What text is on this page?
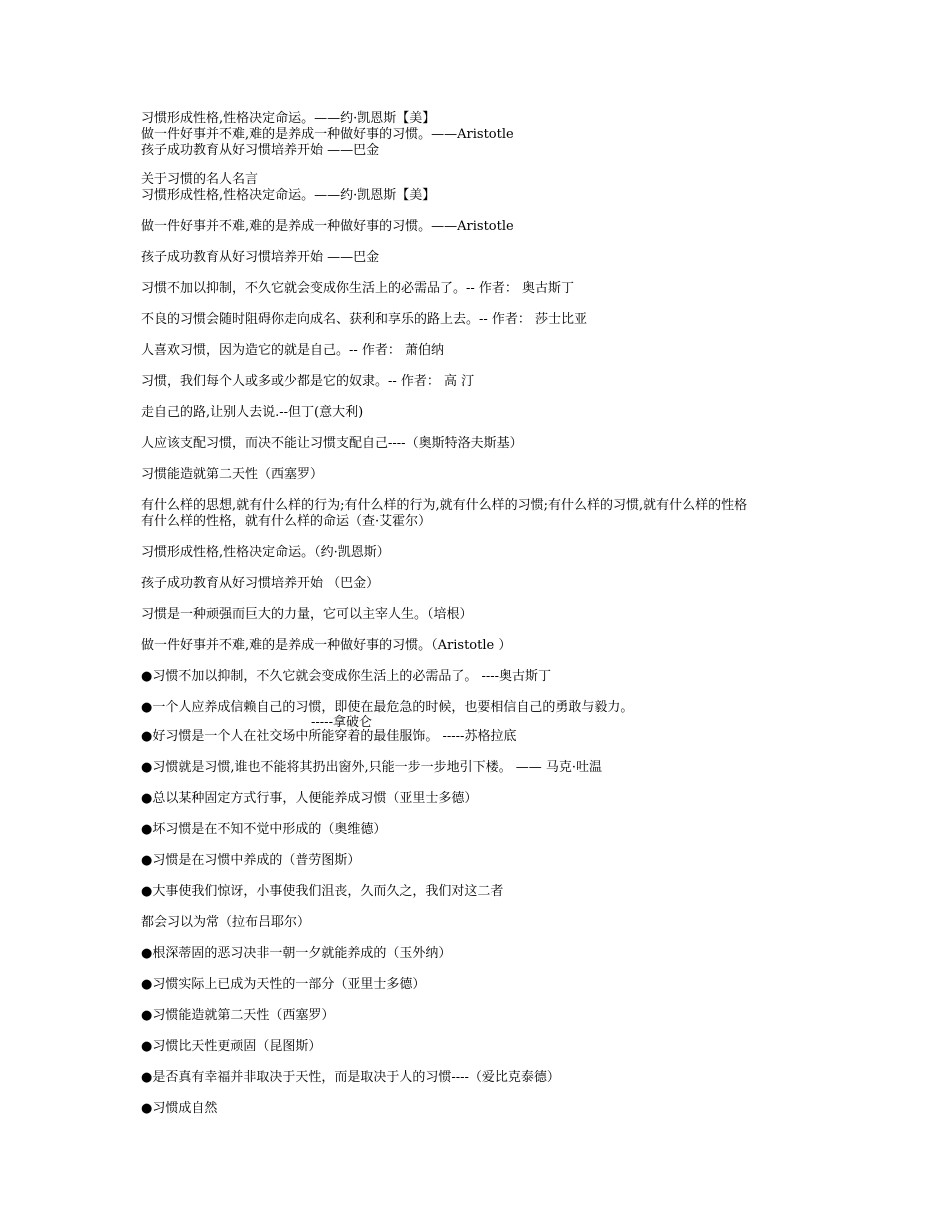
习惯形成性格,性格决定命运。——约·凯恩斯【美】

做一件好事并不难,难的是养成一种做好事的习惯。——Aristotle

孩子成功教育从好习惯培养开始 ——巴金

关于习惯的名人名言

习惯形成性格,性格决定命运。——约·凯恩斯【美】

做一件好事并不难,难的是养成一种做好事的习惯。——Aristotle

孩子成功教育从好习惯培养开始 ——巴金

习惯不加以抑制，不久它就会变成你生活上的必需品了。-- 作者： 奥古斯丁

不良的习惯会随时阻碍你走向成名、获利和享乐的路上去。-- 作者： 莎士比亚

人喜欢习惯，因为造它的就是自己。-- 作者： 萧伯纳

习惯，我们每个人或多或少都是它的奴隶。-- 作者： 高 汀

走自己的路,让别人去说.--但丁(意大利)

人应该支配习惯，而决不能让习惯支配自己----（奥斯特洛夫斯基）

习惯能造就第二天性（西塞罗）

有什么样的思想,就有什么样的行为;有什么样的行为,就有什么样的习惯;有什么样的习惯,就有什么样的性格

有什么样的性格，就有什么样的命运（查·艾霍尔）

习惯形成性格,性格决定命运。（约·凯恩斯）

孩子成功教育从好习惯培养开始 （巴金）

习惯是一种顽强而巨大的力量，它可以主宰人生。（培根）

做一件好事并不难,难的是养成一种做好事的习惯。（Aristotle ）

●习惯不加以抑制，不久它就会变成你生活上的必需品了。 ----奥古斯丁

●一个人应养成信赖自己的习惯，即使在最危急的时候，也要相信自己的勇敢与毅力。

-----拿破仑

●好习惯是一个人在社交场中所能穿着的最佳服饰。 -----苏格拉底

●习惯就是习惯,谁也不能将其扔出窗外,只能一步一步地引下楼。 —— 马克·吐温

●总以某种固定方式行事，人便能养成习惯（亚里士多德）

●坏习惯是在不知不觉中形成的（奥维德）

●习惯是在习惯中养成的（普劳图斯）

●大事使我们惊讶，小事使我们沮丧，久而久之，我们对这二者

都会习以为常（拉布吕耶尔）

●根深蒂固的恶习决非一朝一夕就能养成的（玉外纳）

●习惯实际上已成为天性的一部分（亚里士多德）

●习惯能造就第二天性（西塞罗）

●习惯比天性更顽固（昆图斯）

●是否真有幸福并非取决于天性，而是取决于人的习惯----（爱比克泰德）

●习惯成自然
